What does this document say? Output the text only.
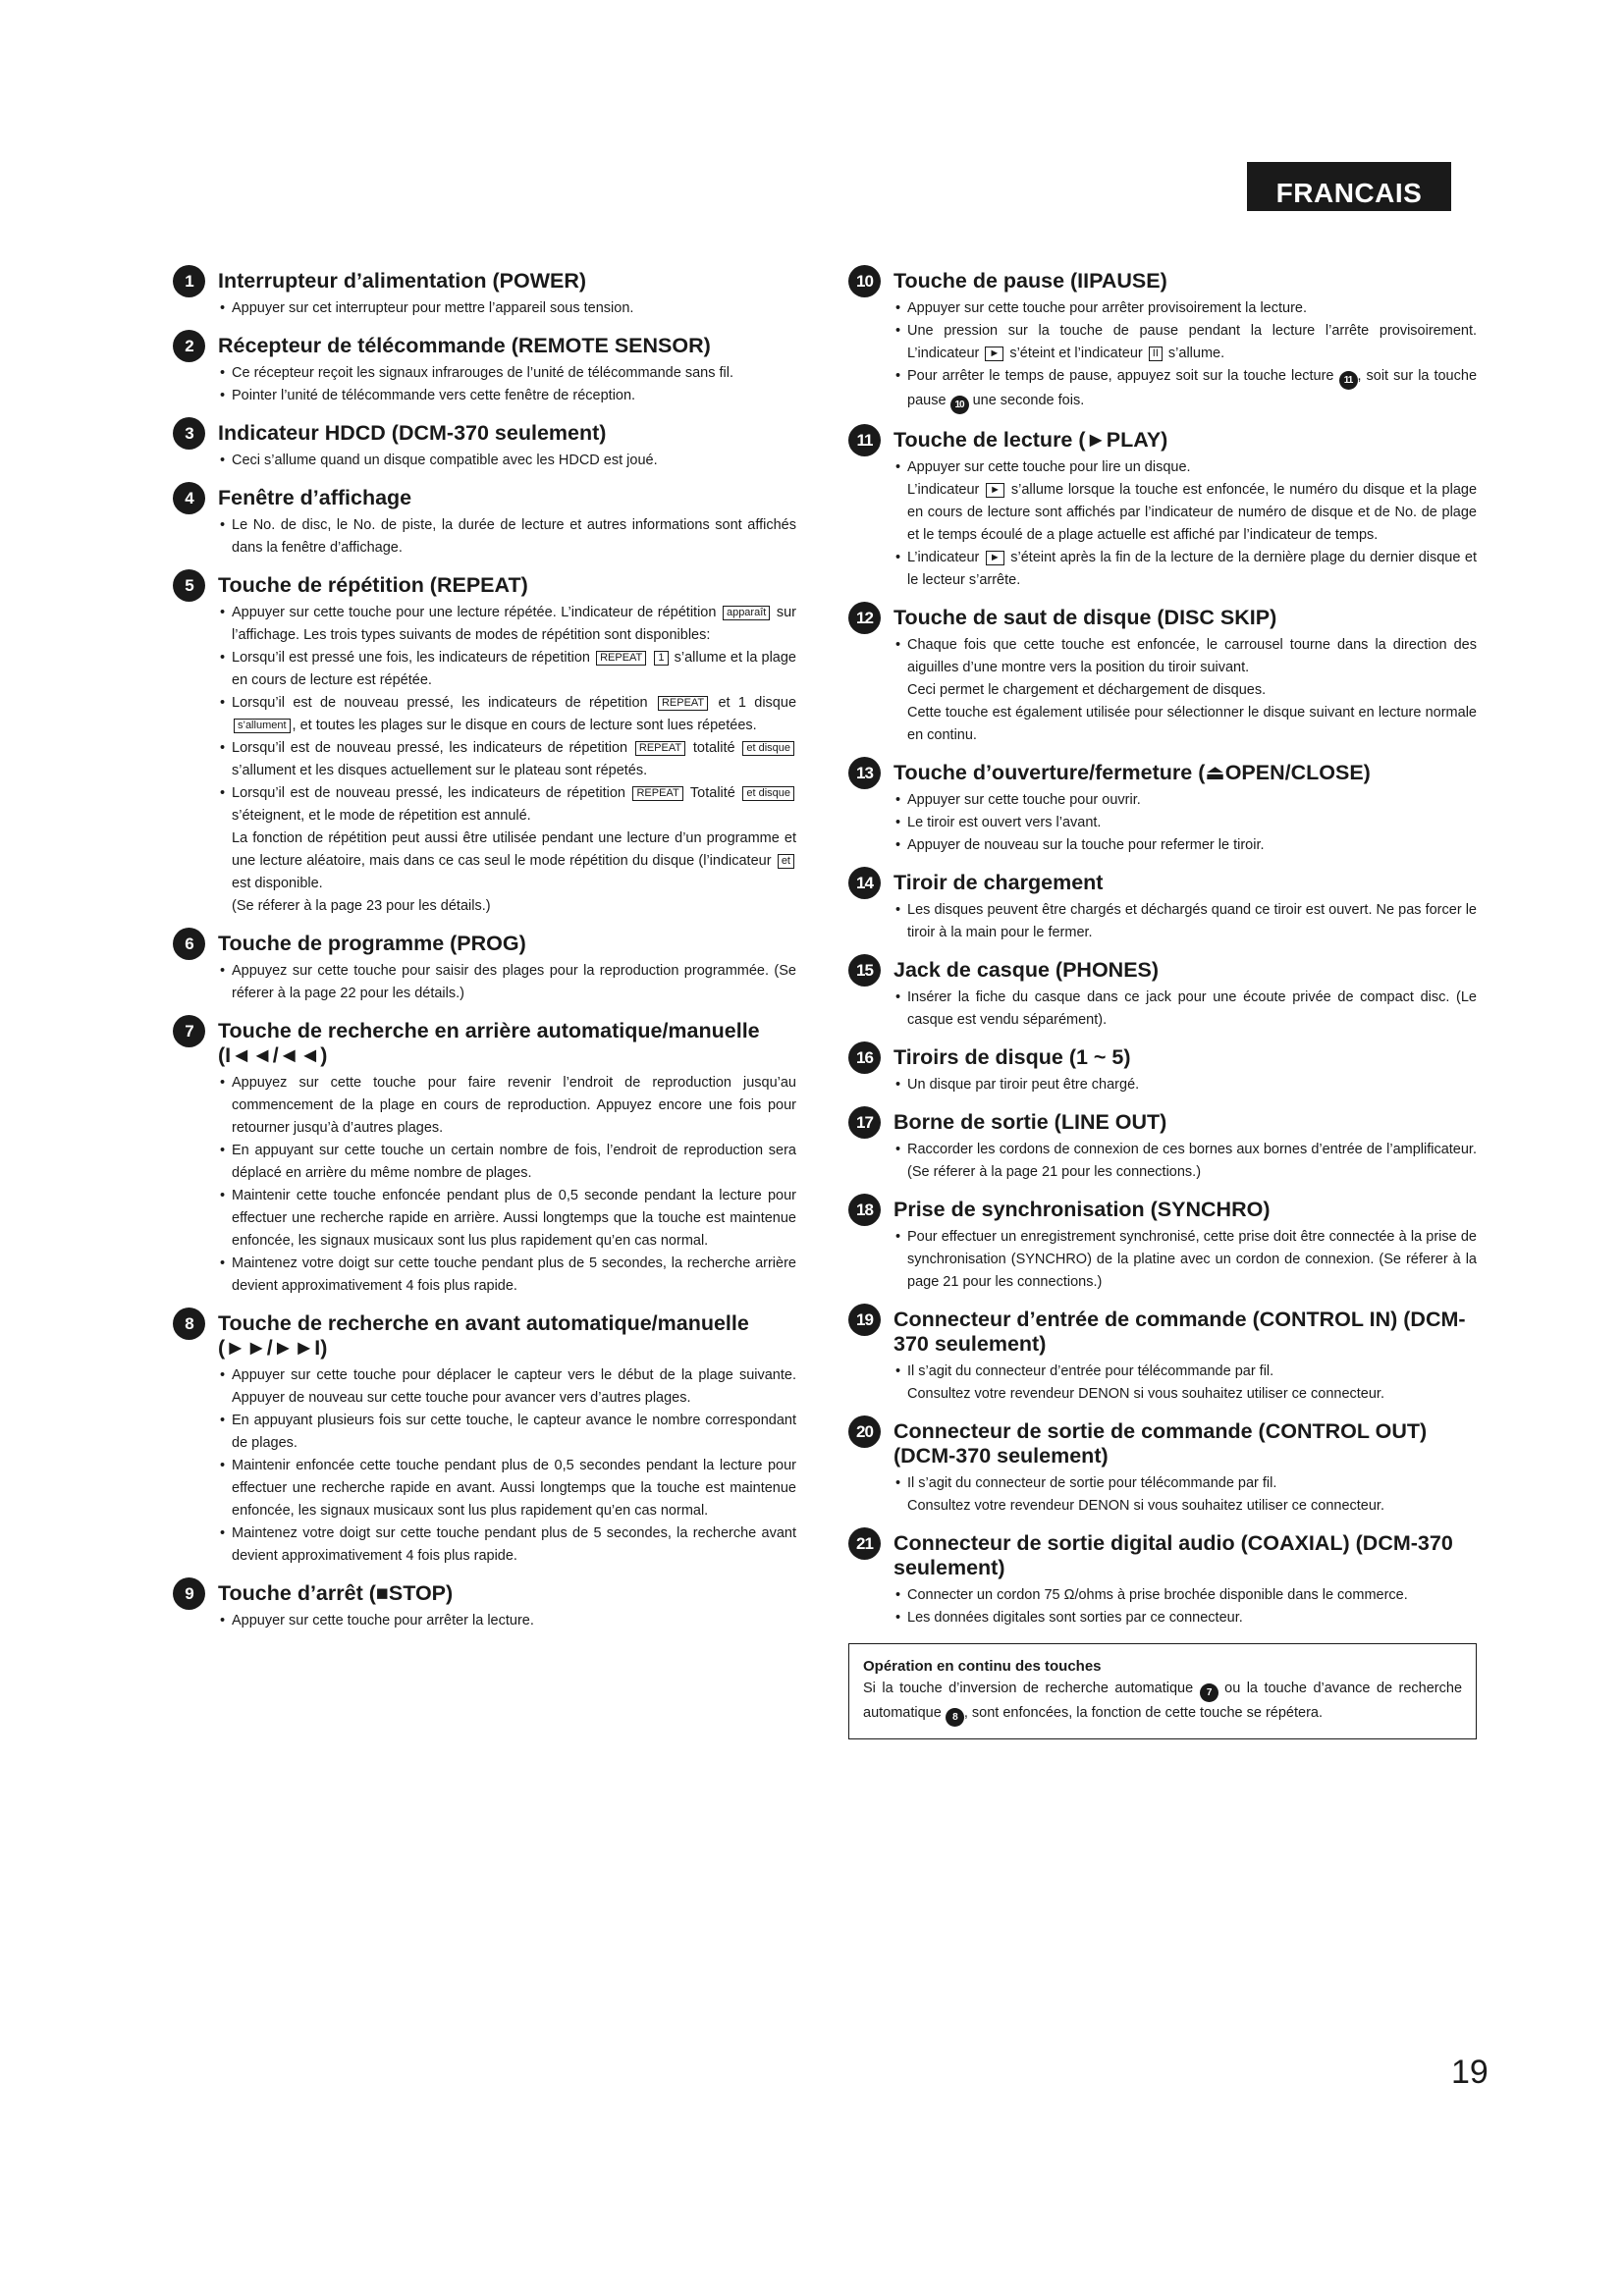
FRANCAIS
1	Interrupteur d’alimentation (POWER)
• Appuyer sur cet interrupteur pour mettre l’appareil sous tension.
2	Récepteur de télécommande (REMOTE SENSOR)
• Ce récepteur reçoit les signaux infrarouges de l’unité de télécommande sans fil.
• Pointer l’unité de télécommande vers cette fenêtre de réception.
3	Indicateur HDCD (DCM-370 seulement)
• Ceci s’allume quand un disque compatible avec les HDCD est joué.
4	Fenêtre d’affichage
• Le No. de disc, le No. de piste, la durée de lecture et autres informations sont affichés dans la fenêtre d’affichage.
5	Touche de répétition (REPEAT)
• Appuyer sur cette touche pour une lecture répétée. L’indicateur de répétition apparaît sur l’affichage. Les trois types suivants de modes de répétition sont disponibles:
• Lorsqu’il est pressé une fois, les indicateurs de répetition REPEAT 1 s’allume et la plage en cours de lecture est répétée.
• Lorsqu’il est de nouveau pressé, les indicateurs de répetition REPEAT et 1 disque s’allument , et toutes les plages sur le disque en cours de lecture sont lues répetées.
• Lorsqu’il est de nouveau pressé, les indicateurs de répetition REPEAT totalité et disque s’allument et les disques actuellement sur le plateau sont répetés.
• Lorsqu’il est de nouveau pressé, les indicateurs de répetition REPEAT Totalité et disque s’éteignent, et le mode de répetition est annulé.
La fonction de répétition peut aussi être utilisée pendant une lecture d’un programme et une lecture aléatoire, mais dans ce cas seul le mode répétition du disque (l’indicateur et est disponible.
(Se réferer à la page 23 pour les détails.)
6	Touche de programme (PROG)
• Appuyez sur cette touche pour saisir des plages pour la reproduction programmée. (Se réferer à la page 22 pour les détails.)
7	Touche de recherche en arrière automatique/manuelle (I◄◄/◄◄)
• Appuyez sur cette touche pour faire revenir l’endroit de reproduction jusqu’au commencement de la plage en cours de reproduction. Appuyez encore une fois pour retourner jusqu’à d’autres plages.
• En appuyant sur cette touche un certain nombre de fois, l’endroit de reproduction sera déplacé en arrière du même nombre de plages.
• Maintenir cette touche enfoncée pendant plus de 0,5 seconde pendant la lecture pour effectuer une recherche rapide en arrière. Aussi longtemps que la touche est maintenue enfoncée, les signaux musicaux sont lus plus rapidement qu’en cas normal.
• Maintenez votre doigt sur cette touche pendant plus de 5 secondes, la recherche arrière devient approximativement 4 fois plus rapide.
8	Touche de recherche en avant automatique/manuelle (►►/►►I)
• Appuyer sur cette touche pour déplacer le capteur vers le début de la plage suivante. Appuyer de nouveau sur cette touche pour avancer vers d’autres plages.
• En appuyant plusieurs fois sur cette touche, le capteur avance le nombre correspondant de plages.
• Maintenir enfoncée cette touche pendant plus de 0,5 secondes pendant la lecture pour effectuer une recherche rapide en avant. Aussi longtemps que la touche est maintenue enfoncée, les signaux musicaux sont lus plus rapidement qu’en cas normal.
• Maintenez votre doigt sur cette touche pendant plus de 5 secondes, la recherche avant devient approximativement 4 fois plus rapide.
9	Touche d’arrêt (■STOP)
• Appuyer sur cette touche pour arrêter la lecture.
10 Touche de pause (IIPAUSE)
• Appuyer sur cette touche pour arrêter provisoirement la lecture.
• Une pression sur la touche de pause pendant la lecture l’arrête provisoirement. L’indicateur ► s’éteint et l’indicateur II s’allume.
• Pour arrêter le temps de pause, appuyez soit sur la touche lecture 11 , soit sur la touche pause 10 une seconde fois.
11	Touche de lecture (►PLAY)
• Appuyer sur cette touche pour lire un disque.
L’indicateur ► s’allume lorsque la touche est enfoncée, le numéro du disque et la plage en cours de lecture sont affichés par l’indicateur de numéro de disque et de No. de plage et le temps écoulé de a plage actuelle est affiché par l’indicateur de temps.
• L’indicateur ► s’éteint après la fin de la lecture de la dernière plage du dernier disque et le lecteur s’arrête.
12 Touche de saut de disque (DISC SKIP)
• Chaque fois que cette touche est enfoncée, le carrousel tourne dans la direction des aiguilles d’une montre vers la position du tiroir suivant.
Ceci permet le chargement et déchargement de disques.
Cette touche est également utilisée pour sélectionner le disque suivant en lecture normale en continu.
13 Touche d’ouverture/fermeture (⏏OPEN/CLOSE)
• Appuyer sur cette touche pour ouvrir.
• Le tiroir est ouvert vers l’avant.
• Appuyer de nouveau sur la touche pour refermer le tiroir.
14 Tiroir de chargement
• Les disques peuvent être chargés et déchargés quand ce tiroir est ouvert. Ne pas forcer le tiroir à la main pour le fermer.
15 Jack de casque (PHONES)
• Insérer la fiche du casque dans ce jack pour une écoute privée de compact disc. (Le casque est vendu séparément).
16 Tiroirs de disque (1 ~ 5)
• Un disque par tiroir peut être chargé.
17 Borne de sortie (LINE OUT)
• Raccorder les cordons de connexion de ces bornes aux bornes d’entrée de l’amplificateur. (Se réferer à la page 21 pour les connections.)
18 Prise de synchronisation (SYNCHRO)
• Pour effectuer un enregistrement synchronisé, cette prise doit être connectée à la prise de synchronisation (SYNCHRO) de la platine avec un cordon de connexion. (Se réferer à la page 21 pour les connections.)
19 Connecteur d’entrée de commande (CONTROL IN) (DCM-370 seulement)
• Il s’agit du connecteur d’entrée pour télécommande par fil.
Consultez votre revendeur DENON si vous souhaitez utiliser ce connecteur.
20 Connecteur de sortie de commande (CONTROL OUT) (DCM-370 seulement)
• Il s’agit du connecteur de sortie pour télécommande par fil.
Consultez votre revendeur DENON si vous souhaitez utiliser ce connecteur.
21 Connecteur de sortie digital audio (COAXIAL) (DCM-370 seulement)
• Connecter un cordon 75 Ω/ohms à prise brochée disponible dans le commerce.
• Les données digitales sont sorties par ce connecteur.
Opération en continu des touches
Si la touche d’inversion de recherche automatique 7 ou la touche d’avance de recherche automatique 8 , sont enfoncées, la fonction de cette touche se répétera.
19
